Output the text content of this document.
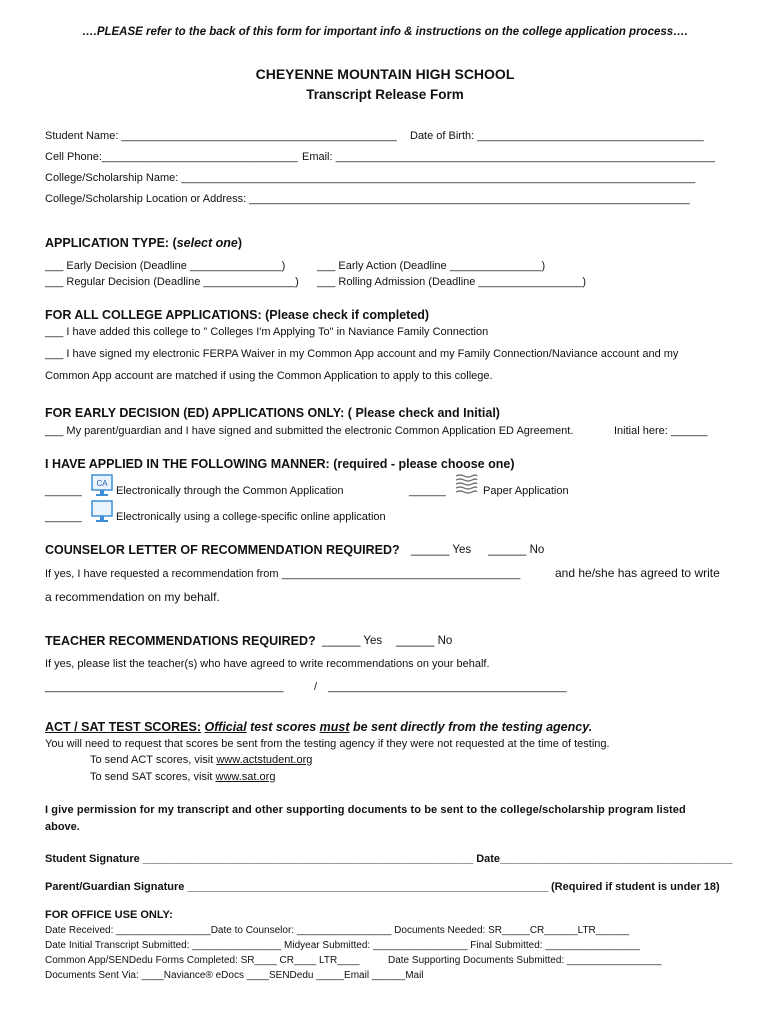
….PLEASE refer to the back of this form for important info & instructions on the college application process….
CHEYENNE MOUNTAIN HIGH SCHOOL
Transcript Release Form
Student Name: _____________________________________________ Date of Birth: _____________________________________
Cell Phone:________________________________ Email: ______________________________________________________________
College/Scholarship Name: ____________________________________________________________________________________
College/Scholarship Location or Address: ________________________________________________________________________
APPLICATION TYPE: (select one)
___ Early Decision (Deadline _______________)	___ Early Action (Deadline _______________)
___ Regular Decision (Deadline _______________) ___ Rolling Admission (Deadline _________________)
FOR ALL COLLEGE APPLICATIONS: (Please check if completed)
___ I have added this college to " Colleges I'm Applying To" in Naviance Family Connection
___ I have signed my electronic FERPA Waiver in my Common App account and my Family Connection/Naviance account and my
Common App account are matched if using the Common Application to apply to this college.
FOR EARLY DECISION (ED) APPLICATIONS ONLY: ( Please check and Initial)
___ My parent/guardian and I have signed and submitted the electronic Common Application ED Agreement.	Initial here: ______
I HAVE APPLIED IN THE FOLLOWING MANNER: (required - please choose one)
______
CA
Electronically through the Common Application	______	Paper Application
______	Electronically using a college-specific online application
COUNSELOR LETTER OF RECOMMENDATION REQUIRED? ______ Yes ______ No
If yes, I have requested a recommendation from _______________________________________	and he/she has agreed to write
a recommendation on my behalf.
TEACHER RECOMMENDATIONS REQUIRED? ______ Yes ______ No
If yes, please list the teacher(s) who have agreed to write recommendations on your behalf.
_______________________________________	/ _______________________________________
ACT / SAT TEST SCORES: Official test scores must be sent directly from the testing agency.
You will need to request that scores be sent from the testing agency if they were not requested at the time of testing.
To send ACT scores, visit www.actstudent.org
To send SAT scores, visit www.sat.org
I give permission for my transcript and other supporting documents to be sent to the college/scholarship program listed
above.
Student Signature ______________________________________________________ Date______________________________________
Parent/Guardian Signature ___________________________________________________________ (Required if student is under 18)
FOR OFFICE USE ONLY:
Date Received: _________________Date to Counselor: _________________ Documents Needed: SR_____CR______LTR______
Date Initial Transcript Submitted: ________________ Midyear Submitted: _________________ Final Submitted: _________________
Common App/SENDedu Forms Completed: SR____ CR____ LTR____	Date Supporting Documents Submitted: _________________
Documents Sent Via: ____Naviance® eDocs ____SENDedu _____Email ______Mail
